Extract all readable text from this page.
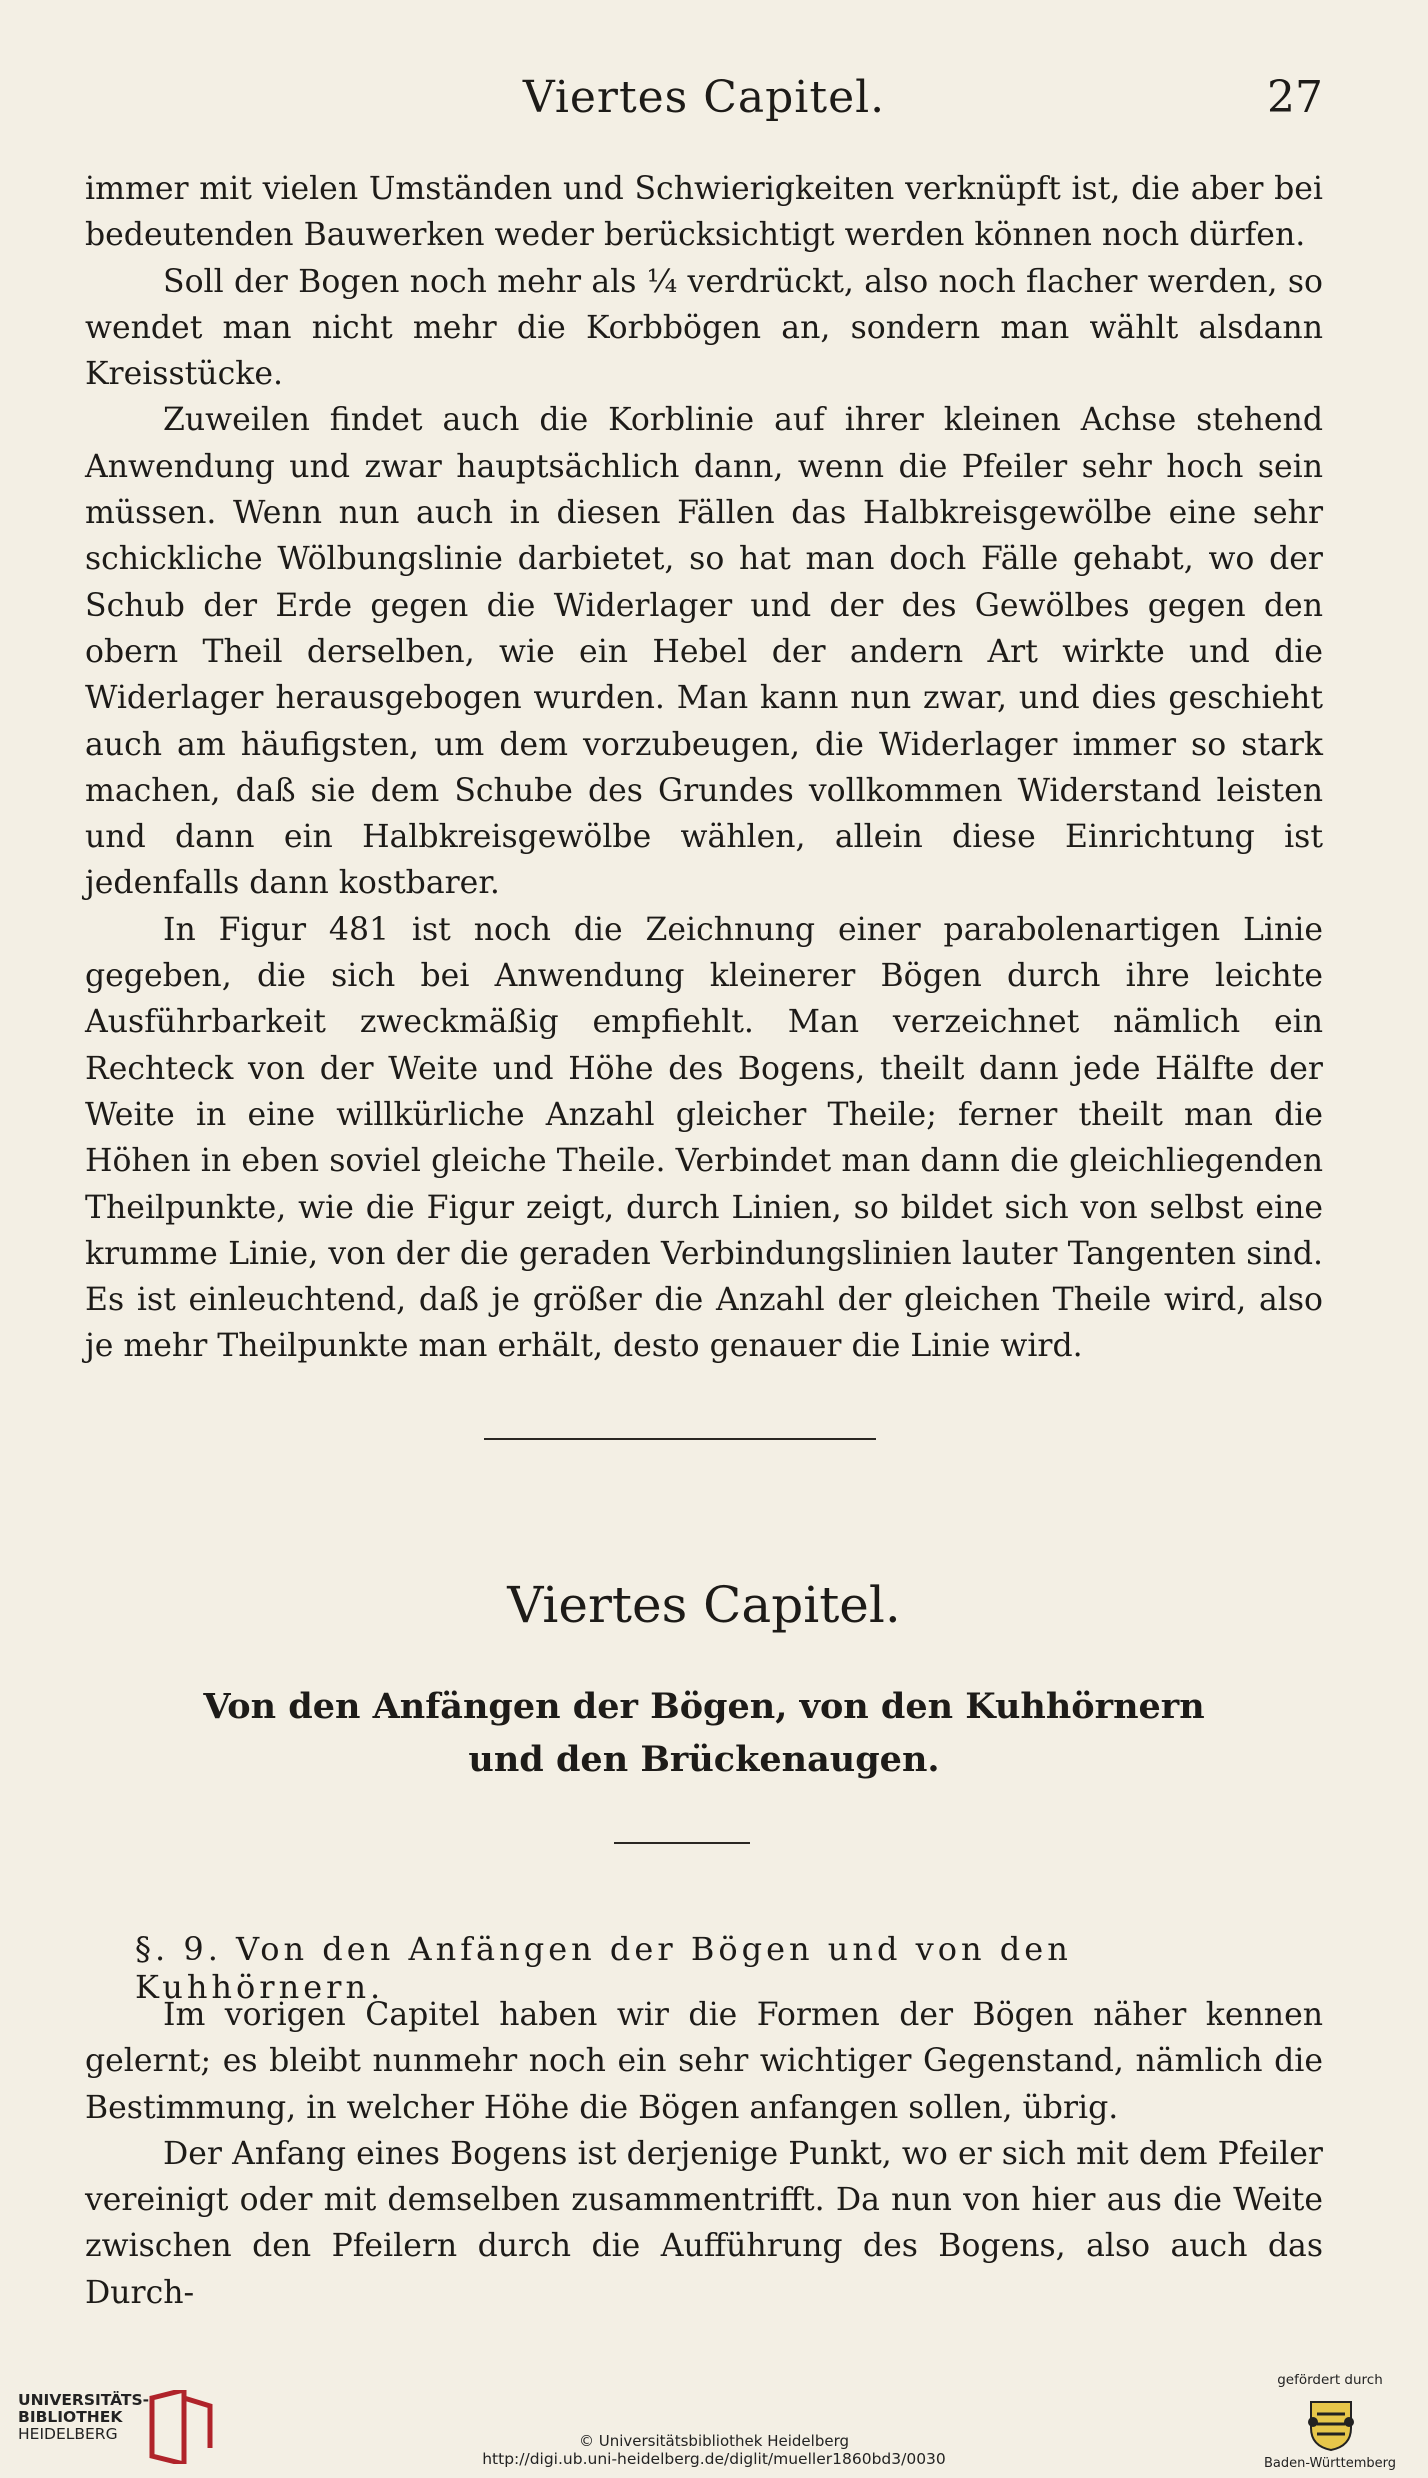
Viertes Capitel.	27

immer mit vielen Umständen und Schwierigkeiten verknüpft ist, die aber bei bedeutenden Bauwerken weder berücksichtigt werden können noch dürfen.

Soll der Bogen noch mehr als ¼ verdrückt, also noch flacher werden, so wendet man nicht mehr die Korbbögen an, sondern man wählt alsdann Kreisstücke.

Zuweilen findet auch die Korblinie auf ihrer kleinen Achse stehend Anwendung und zwar hauptsächlich dann, wenn die Pfeiler sehr hoch sein müssen. Wenn nun auch in diesen Fällen das Halbkreisgewölbe eine sehr schickliche Wölbungslinie darbietet, so hat man doch Fälle gehabt, wo der Schub der Erde gegen die Widerlager und der des Gewölbes gegen den obern Theil derselben, wie ein Hebel der andern Art wirkte und die Widerlager herausgebogen wurden. Man kann nun zwar, und dies geschieht auch am häufigsten, um dem vorzubeugen, die Widerlager immer so stark machen, daß sie dem Schube des Grundes vollkommen Widerstand leisten und dann ein Halbkreisgewölbe wählen, allein diese Einrichtung ist jedenfalls dann kostbarer.

In Figur 481 ist noch die Zeichnung einer parabolenartigen Linie gegeben, die sich bei Anwendung kleinerer Bögen durch ihre leichte Ausführbarkeit zweckmäßig empfiehlt. Man verzeichnet nämlich ein Rechteck von der Weite und Höhe des Bogens, theilt dann jede Hälfte der Weite in eine willkürliche Anzahl gleicher Theile; ferner theilt man die Höhen in eben soviel gleiche Theile. Verbindet man dann die gleichliegenden Theilpunkte, wie die Figur zeigt, durch Linien, so bildet sich von selbst eine krumme Linie, von der die geraden Verbindungslinien lauter Tangenten sind. Es ist einleuchtend, daß je größer die Anzahl der gleichen Theile wird, also je mehr Theilpunkte man erhält, desto genauer die Linie wird.

Viertes Capitel.
Von den Anfängen der Bögen, von den Kuhhörnern
und den Brückenaugen.
§. 9. Von den Anfängen der Bögen und von den Kuhhörnern.

Im vorigen Capitel haben wir die Formen der Bögen näher kennen gelernt; es bleibt nunmehr noch ein sehr wichtiger Gegenstand, nämlich die Bestimmung, in welcher Höhe die Bögen anfangen sollen, übrig.

Der Anfang eines Bogens ist derjenige Punkt, wo er sich mit dem Pfeiler vereinigt oder mit demselben zusammentrifft. Da nun von hier aus die Weite zwischen den Pfeilern durch die Aufführung des Bogens, also auch das Durch-

UNIVERSITÄTS-
BIBLIOTHEK
HEIDELBERG	© Universitätsbibliothek Heidelberg
http://digi.ub.uni-heidelberg.de/diglit/mueller1860bd3/0030
gefördert durch
Baden-Württemberg
